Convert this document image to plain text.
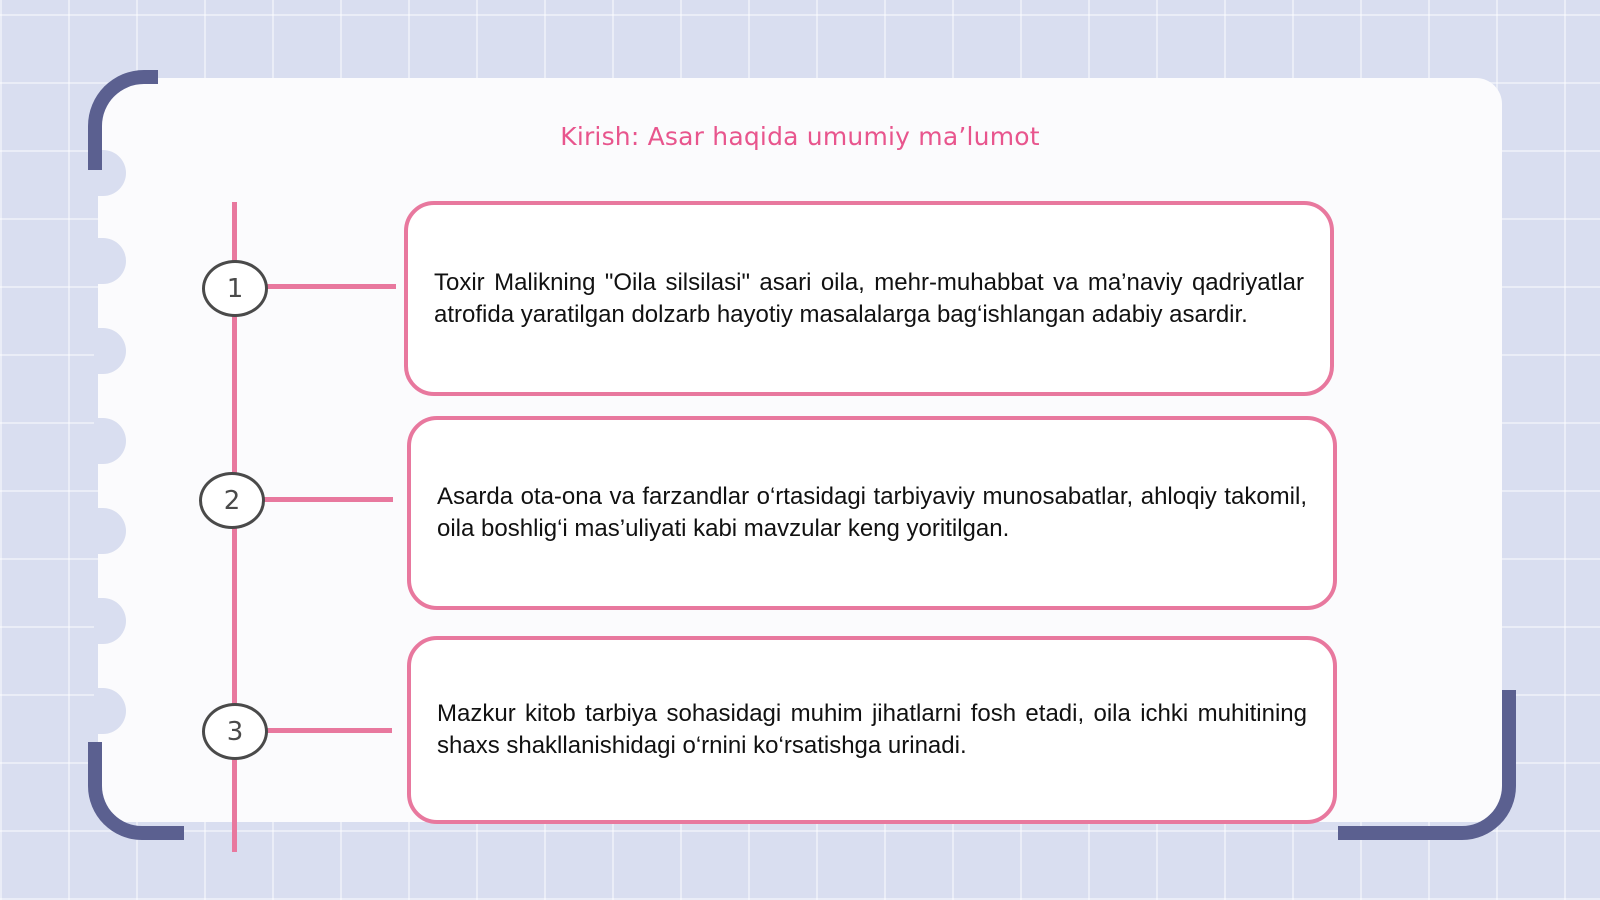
Kirish: Asar haqida umumiy ma’lumot
1
2
3

Toxir Malikning "Oila silsilasi" asari oila, mehr-muhabbat va ma’naviy qadriyatlar atrofida yaratilgan dolzarb hayotiy masalalarga bag‘ishlangan adabiy asardir.

Asarda ota-ona va farzandlar o‘rtasidagi tarbiyaviy munosabatlar, ahloqiy takomil, oila boshlig‘i mas’uliyati kabi mavzular keng yoritilgan.

Mazkur kitob tarbiya sohasidagi muhim jihatlarni fosh etadi, oila ichki muhitining shaxs shakllanishidagi o‘rnini ko‘rsatishga urinadi.
